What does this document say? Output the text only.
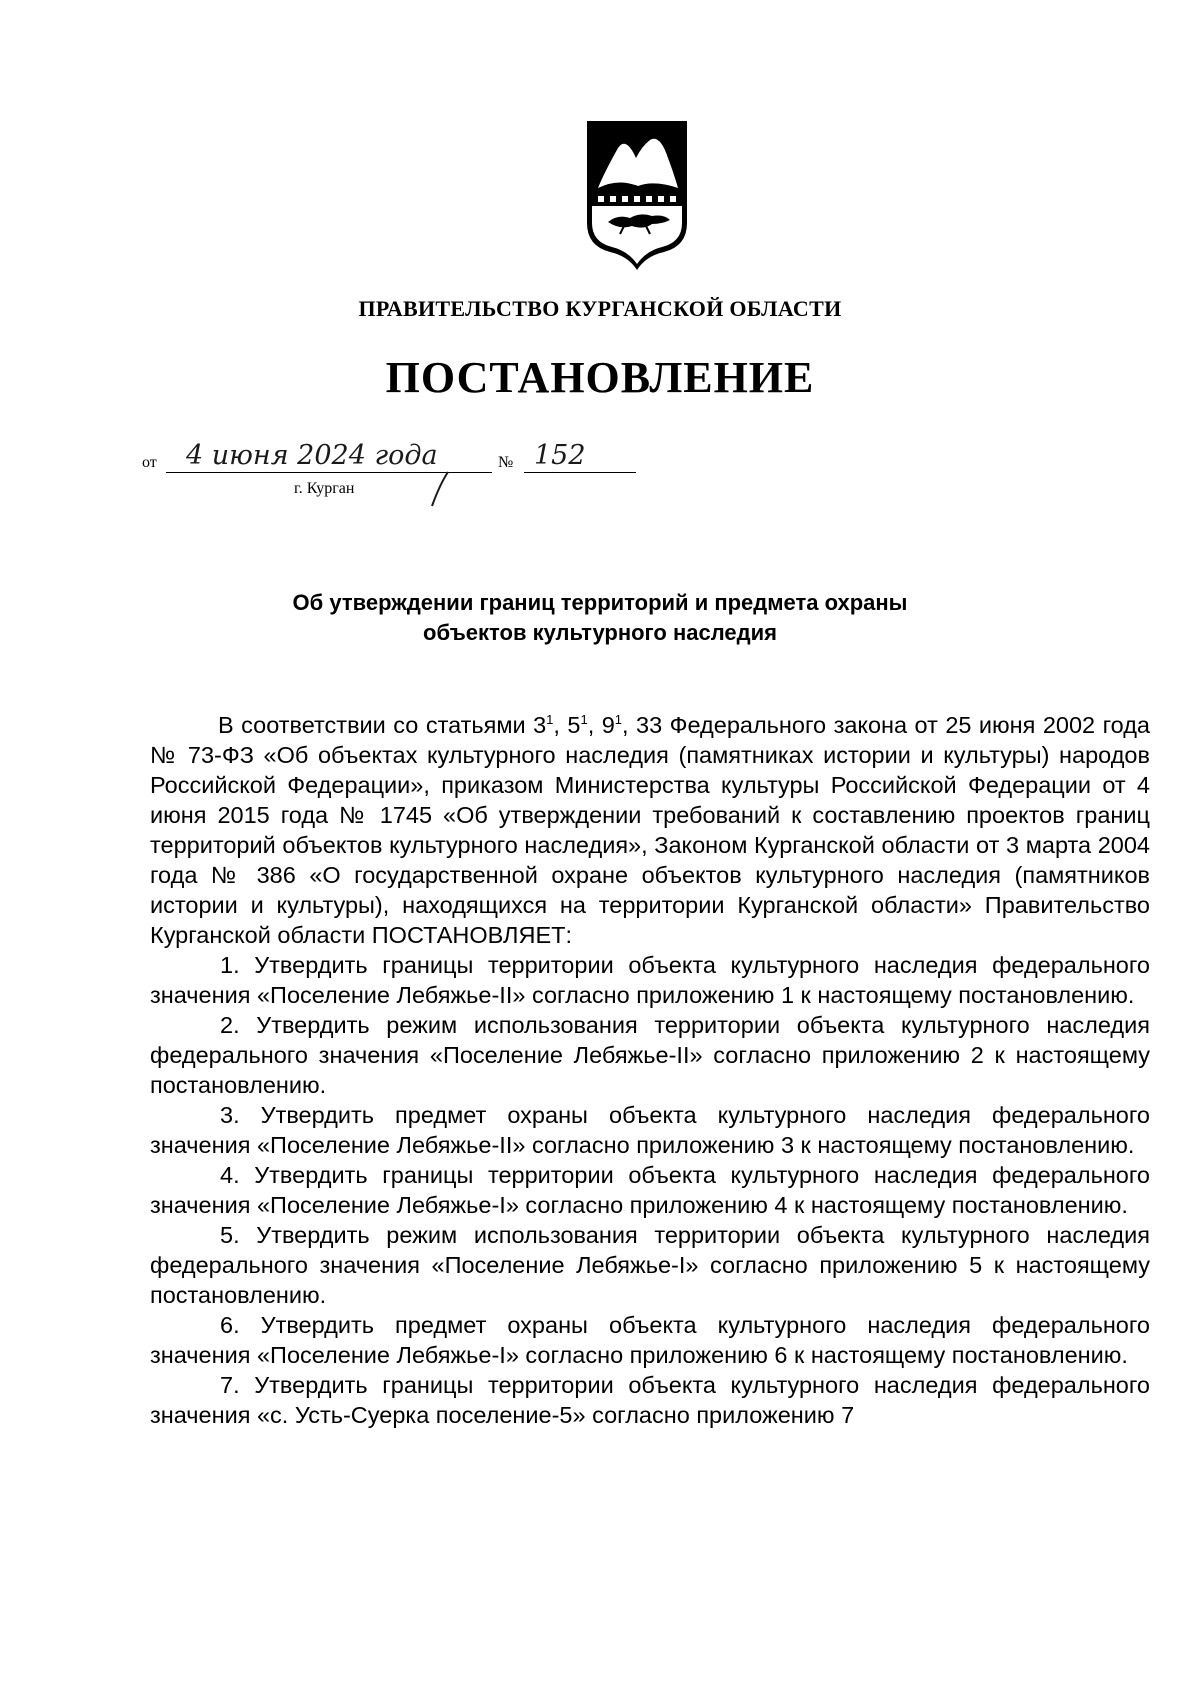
ПРАВИТЕЛЬСТВО КУРГАНСКОЙ ОБЛАСТИ
ПОСТАНОВЛЕНИЕ
от 4 июня 2024 года	№ 152
г. Курган
Об утверждении границ территорий и предмета охраны
объектов культурного наследия

В соответствии со статьями $3^1$, $5^1$, $9^1$, 33 Федерального закона от 25 июня 2002 года № 73-ФЗ «Об объектах культурного наследия (памятниках истории и культуры) народов Российской Федерации», приказом Министерства культуры Российской Федерации от 4 июня 2015 года № 1745 «Об утверждении требований к составлению проектов границ территорий объектов культурного наследия», Законом Курганской области от 3 марта 2004 года № 386 «О государственной охране объектов культурного наследия (памятников истории и культуры), находящихся на территории Курганской области» Правительство Курганской области ПОСТАНОВЛЯЕТ:

1. Утвердить границы территории объекта культурного наследия федерального значения «Поселение Лебяжье-II» согласно приложению 1 к настоящему постановлению.

2. Утвердить режим использования территории объекта культурного наследия федерального значения «Поселение Лебяжье-II» согласно приложению 2 к настоящему постановлению.

3. Утвердить предмет охраны объекта культурного наследия федерального значения «Поселение Лебяжье-II» согласно приложению 3 к настоящему постановлению.

4. Утвердить границы территории объекта культурного наследия федерального значения «Поселение Лебяжье-I» согласно приложению 4 к настоящему постановлению.

5. Утвердить режим использования территории объекта культурного наследия федерального значения «Поселение Лебяжье-I» согласно приложению 5 к настоящему постановлению.

6. Утвердить предмет охраны объекта культурного наследия федерального значения «Поселение Лебяжье-I» согласно приложению 6 к настоящему постановлению.

7. Утвердить границы территории объекта культурного наследия федерального значения «с. Усть-Суерка поселение-5» согласно приложению 7
